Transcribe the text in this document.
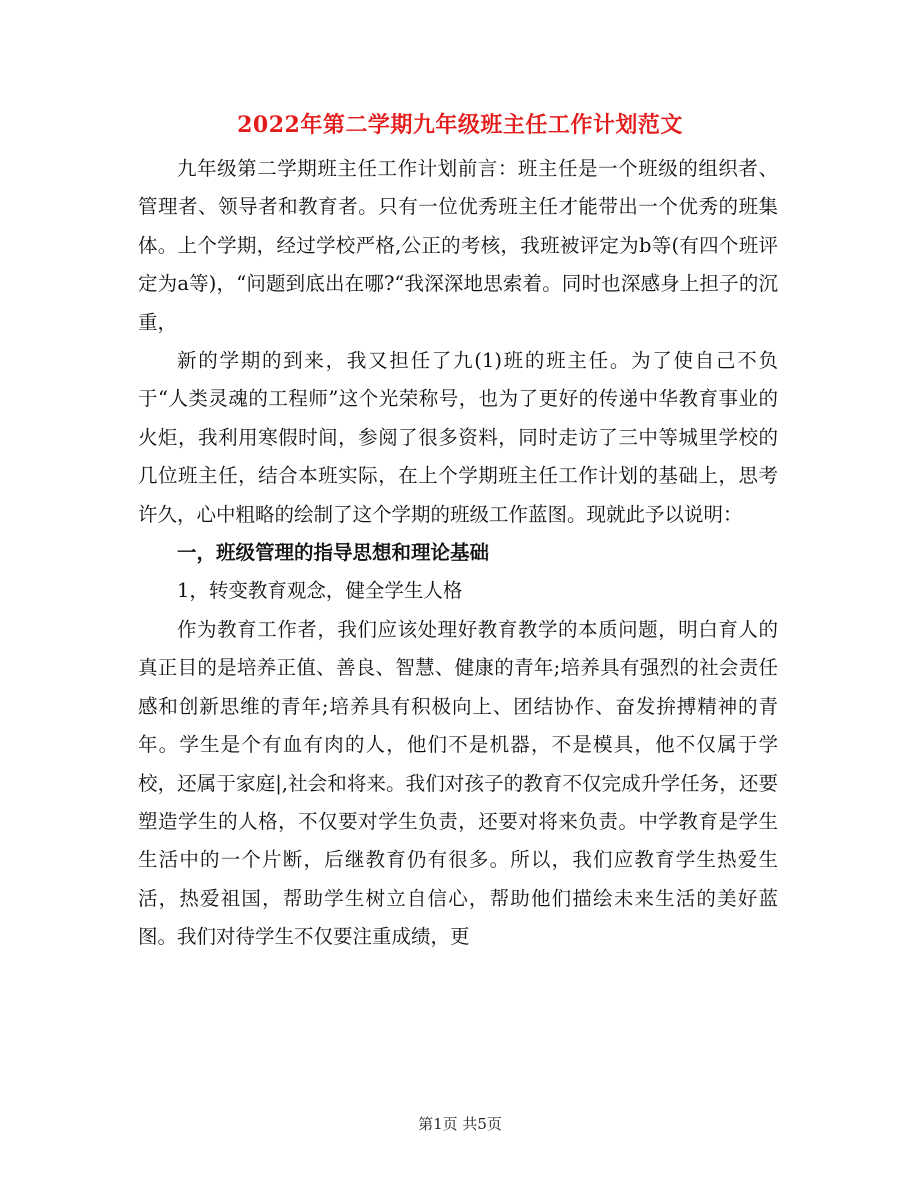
2022年第二学期九年级班主任工作计划范文

九年级第二学期班主任工作计划前言：班主任是一个班级的组织者、管理者、领导者和教育者。只有一位优秀班主任才能带出一个优秀的班集体。上个学期，经过学校严格,公正的考核，我班被评定为b等(有四个班评定为a等)，“问题到底出在哪?“我深深地思索着。同时也深感身上担子的沉重，

新的学期的到来，我又担任了九(1)班的班主任。为了使自己不负于“人类灵魂的工程师”这个光荣称号，也为了更好的传递中华教育事业的火炬，我利用寒假时间，参阅了很多资料，同时走访了三中等城里学校的几位班主任，结合本班实际，在上个学期班主任工作计划的基础上，思考许久，心中粗略的绘制了这个学期的班级工作蓝图。现就此予以说明：

一，班级管理的指导思想和理论基础

1，转变教育观念，健全学生人格

作为教育工作者，我们应该处理好教育教学的本质问题，明白育人的真正目的是培养正值、善良、智慧、健康的青年;培养具有强烈的社会责任感和创新思维的青年;培养具有积极向上、团结协作、奋发拚搏精神的青年。学生是个有血有肉的人，他们不是机器，不是模具，他不仅属于学校，还属于家庭|,社会和将来。我们对孩子的教育不仅完成升学任务，还要塑造学生的人格，不仅要对学生负责，还要对将来负责。中学教育是学生生活中的一个片断，后继教育仍有很多。所以，我们应教育学生热爱生活，热爱祖国，帮助学生树立自信心，帮助他们描绘未来生活的美好蓝图。我们对待学生不仅要注重成绩，更

第1页 共5页
